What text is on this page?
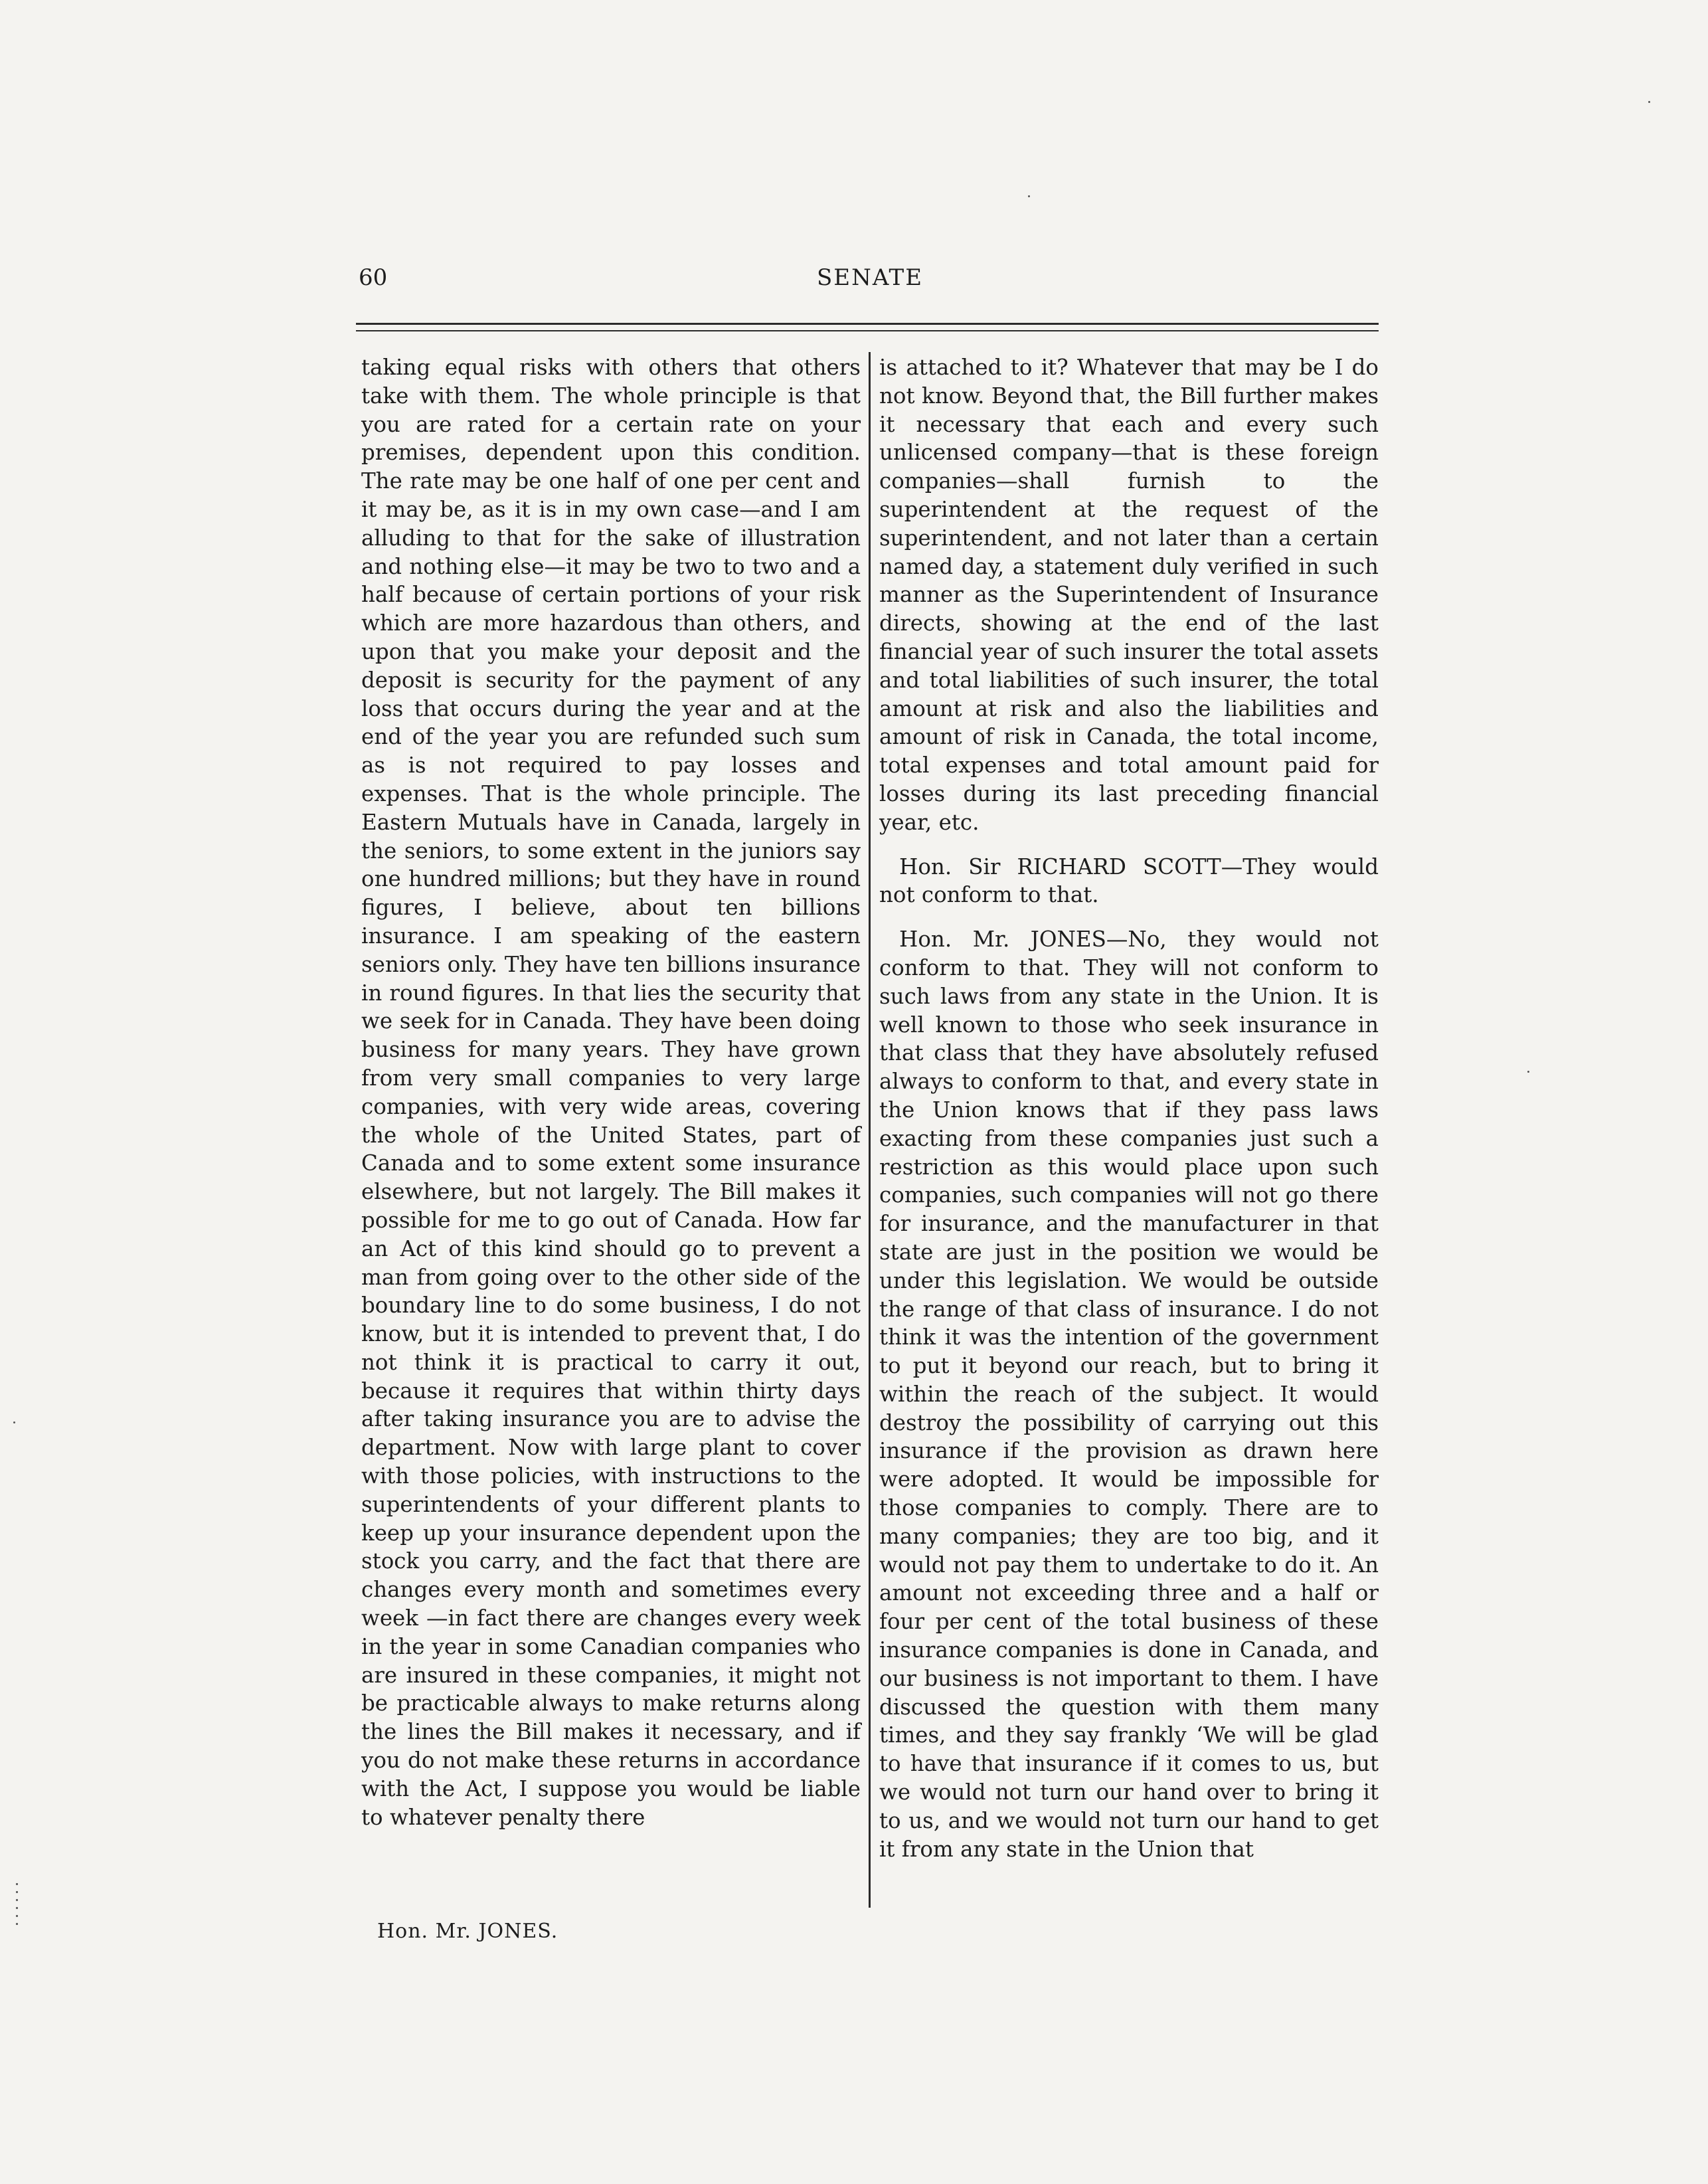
60	SENATE

taking equal risks with others that others take with them. The whole principle is that you are rated for a certain rate on your premises, dependent upon this condition. The rate may be one half of one per cent and it may be, as it is in my own case—and I am alluding to that for the sake of illustration and nothing else—it may be two to two and a half because of certain portions of your risk which are more hazardous than others, and upon that you make your deposit and the deposit is security for the payment of any loss that occurs during the year and at the end of the year you are refunded such sum as is not required to pay losses and expenses. That is the whole principle. The Eastern Mutuals have in Canada, largely in the seniors, to some extent in the juniors say one hundred millions; but they have in round figures, I believe, about ten billions insurance. I am speaking of the eastern seniors only. They have ten billions insurance in round figures. In that lies the security that we seek for in Canada. They have been doing business for many years. They have grown from very small companies to very large companies, with very wide areas, covering the whole of the United States, part of Canada and to some extent some insurance elsewhere, but not largely. The Bill makes it possible for me to go out of Canada. How far an Act of this kind should go to prevent a man from going over to the other side of the boundary line to do some business, I do not know, but it is intended to prevent that, I do not think it is practical to carry it out, because it requires that within thirty days after taking insurance you are to advise the department. Now with large plant to cover with those policies, with instructions to the superintendents of your different plants to keep up your insurance dependent upon the stock you carry, and the fact that there are changes every month and sometimes every week —in fact there are changes every week in the year in some Canadian companies who are insured in these companies, it might not be practicable always to make returns along the lines the Bill makes it necessary, and if you do not make these returns in accordance with the Act, I suppose you would be liable to whatever penalty there

is attached to it? Whatever that may be I do not know. Beyond that, the Bill further makes it necessary that each and every such unlicensed company—that is these foreign companies—shall furnish to the superintendent at the request of the superintendent, and not later than a certain named day, a statement duly verified in such manner as the Superintendent of Insurance directs, showing at the end of the last financial year of such insurer the total assets and total liabilities of such insurer, the total amount at risk and also the liabilities and amount of risk in Canada, the total income, total expenses and total amount paid for losses during its last preceding financial year, etc.

Hon. Sir RICHARD SCOTT—They would not conform to that.

Hon. Mr. JONES—No, they would not conform to that. They will not conform to such laws from any state in the Union. It is well known to those who seek insurance in that class that they have absolutely refused always to conform to that, and every state in the Union knows that if they pass laws exacting from these companies just such a restriction as this would place upon such companies, such companies will not go there for insurance, and the manufacturer in that state are just in the position we would be under this legislation. We would be outside the range of that class of insurance. I do not think it was the intention of the government to put it beyond our reach, but to bring it within the reach of the subject. It would destroy the possibility of carrying out this insurance if the provision as drawn here were adopted. It would be impossible for those companies to comply. There are to many companies; they are too big, and it would not pay them to undertake to do it. An amount not exceeding three and a half or four per cent of the total business of these insurance companies is done in Canada, and our business is not important to them. I have discussed the question with them many times, and they say frankly ‘We will be glad to have that insurance if it comes to us, but we would not turn our hand over to bring it to us, and we would not turn our hand to get it from any state in the Union that

Hon. Mr. JONES.
